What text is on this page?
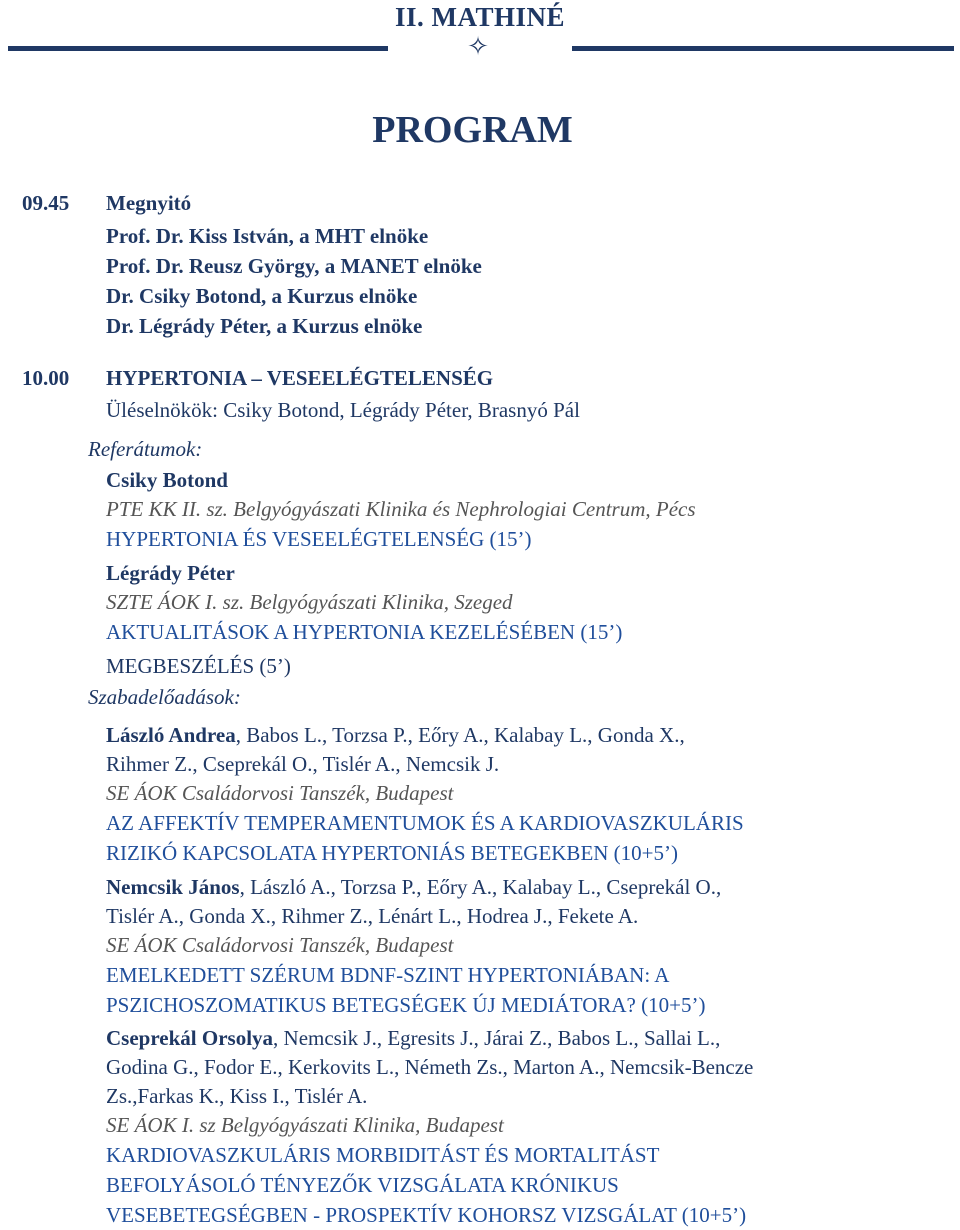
II. MATHINÉ
✧
PROGRAM
09.45 Megnyitó
Prof. Dr. Kiss István, a MHT elnöke
Prof. Dr. Reusz György, a MANET elnöke
Dr. Csiky Botond, a Kurzus elnöke
Dr. Légrády Péter, a Kurzus elnöke
10.00 HYPERTONIA – VESEELÉGTELENSÉG
Üléselnökök: Csiky Botond, Légrády Péter, Brasnyó Pál
Referátumok:
Csiky Botond
PTE KK II. sz. Belgyógyászati Klinika és Nephrologiai Centrum, Pécs
HYPERTONIA ÉS VESEELÉGTELENSÉG (15’)
Légrády Péter
SZTE ÁOK I. sz. Belgyógyászati Klinika, Szeged
AKTUALITÁSOK A HYPERTONIA KEZELÉSÉBEN (15’)
MEGBESZÉLÉS (5’)
Szabadelőadások:
László Andrea, Babos L., Torzsa P., Eőry A., Kalabay L., Gonda X.,
Rihmer Z., Cseprekál O., Tislér A., Nemcsik J.
SE ÁOK Családorvosi Tanszék, Budapest
AZ AFFEKTÍV TEMPERAMENTUMOK ÉS A KARDIOVASZKULÁRIS
RIZIKÓ KAPCSOLATA HYPERTONIÁS BETEGEKBEN (10+5’)
Nemcsik János, László A., Torzsa P., Eőry A., Kalabay L., Cseprekál O.,
Tislér A., Gonda X., Rihmer Z., Lénárt L., Hodrea J., Fekete A.
SE ÁOK Családorvosi Tanszék, Budapest
EMELKEDETT SZÉRUM BDNF-SZINT HYPERTONIÁBAN: A
PSZICHOSZOMATIKUS BETEGSÉGEK ÚJ MEDIÁTORA? (10+5’)
Cseprekál Orsolya, Nemcsik J., Egresits J., Járai Z., Babos L., Sallai L.,
Godina G., Fodor E., Kerkovits L., Németh Zs., Marton A., Nemcsik-Bencze
Zs.,Farkas K., Kiss I., Tislér A.
SE ÁOK I. sz Belgyógyászati Klinika, Budapest
KARDIOVASZKULÁRIS MORBIDITÁST ÉS MORTALITÁST
BEFOLYÁSOLÓ TÉNYEZŐK VIZSGÁLATA KRÓNIKUS
VESEBETEGSÉGBEN - PROSPEKTÍV KOHORSZ VIZSGÁLAT (10+5’)
